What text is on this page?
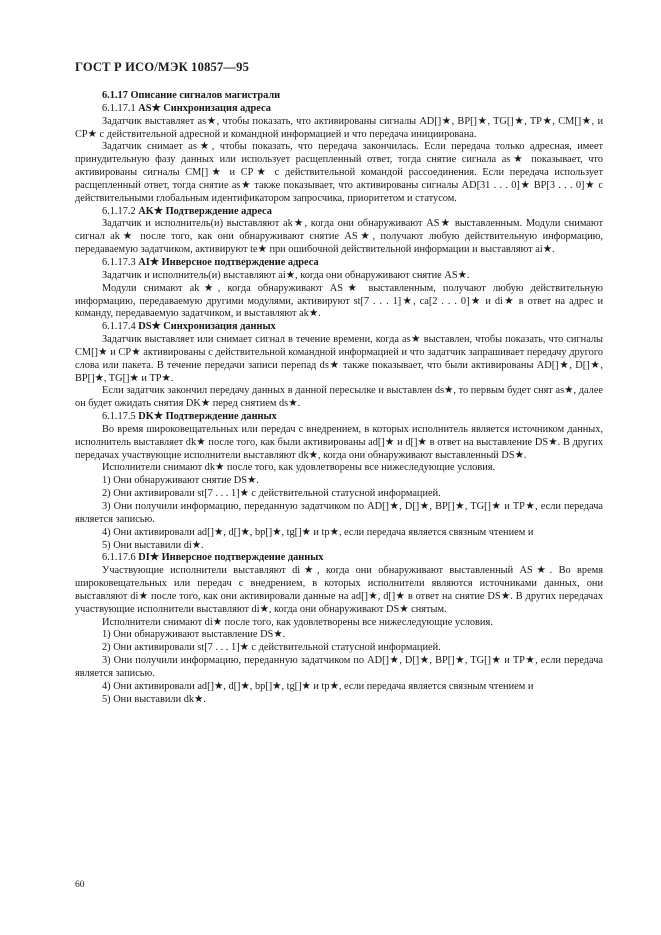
ГОСТ Р ИСО/МЭК 10857—95

6.1.17 Описание сигналов магистрали

6.1.17.1 AS★ Синхронизация адреса

Задатчик выставляет as★, чтобы показать, что активированы сигналы AD[]★, BP[]★, TG[]★, TP★, CM[]★, и CP★ с действительной адресной и командной информацией и что передача инициирована.

Задатчик снимает as★, чтобы показать, что передача закончилась. Если передача только адресная, имеет принудительную фазу данных или использует расщепленный ответ, тогда снятие сигнала as★ показывает, что активированы сигналы CM[]★ и CP★ с действительной командой рассоединения. Если передача использует расщепленный ответ, тогда снятие as★ также показывает, что активированы сигналы AD[31 . . . 0]★ BP[3 . . . 0]★ с действительными глобальным идентификатором запросчика, приоритетом и статусом.

6.1.17.2 AK★ Подтверждение адреса

Задатчик и исполнитель(и) выставляют ak★, когда они обнаруживают AS★ выставленным. Модули снимают сигнал ak★ после того, как они обнаруживают снятие AS★, получают любую действительную информацию, передаваемую задатчиком, активируют te★ при ошибочной действительной информации и выставляют ai★.

6.1.17.3 AI★ Инверсное подтверждение адреса

Задатчик и исполнитель(и) выставляют ai★, когда они обнаруживают снятие AS★.

Модули снимают ak★, когда обнаруживают AS★ выставленным, получают любую действительную информацию, передаваемую другими модулями, активируют st[7 . . . 1]★, ca[2 . . . 0]★ и di★ в ответ на адрес и команду, передаваемую задатчиком, и выставляют ak★.

6.1.17.4 DS★ Синхронизация данных

Задатчик выставляет или снимает сигнал в течение времени, когда as★ выставлен, чтобы показать, что сигналы CM[]★ и CP★ активированы с действительной командной информацией и что задатчик запрашивает передачу другого слова или пакета. В течение передачи записи перепад ds★ также показывает, что были активированы AD[]★, D[]★, BP[]★, TG[]★ и TP★.

Если задатчик закончил передачу данных в данной пересылке и выставлен ds★, то первым будет снят as★, далее он будет ожидать снятия DK★ перед снятием ds★.

6.1.17.5 DK★ Подтверждение данных

Во время широковещательных или передач с внедрением, в которых исполнитель является источником данных, исполнитель выставляет dk★ после того, как были активированы ad[]★ и d[]★ в ответ на выставление DS★. В других передачах участвующие исполнители выставляют dk★, когда они обнаруживают выставленный DS★.

Исполнители снимают dk★ после того, как удовлетворены все нижеследующие условия.

1) Они обнаруживают снятие DS★.

2) Они активировали st[7 . . . 1]★ с действительной статусной информацией.

3) Они получили информацию, переданную задатчиком по AD[]★, D[]★, BP[]★, TG[]★ и TP★, если передача является записью.

4) Они активировали ad[]★, d[]★, bp[]★, tg[]★ и tp★, если передача является связным чтением и

5) Они выставили di★.

6.1.17.6 DI★ Инверсное подтверждение данных

Участвующие исполнители выставляют di★, когда они обнаруживают выставленный AS★. Во время широковещательных или передач с внедрением, в которых исполнители являются источниками данных, они выставляют di★ после того, как они активировали данные на ad[]★, d[]★ в ответ на снятие DS★. В других передачах участвующие исполнители выставляют di★, когда они обнаруживают DS★ снятым.

Исполнители снимают di★ после того, как удовлетворены все нижеследующие условия.

1) Они обнаруживают выставление DS★.

2) Они активировали st[7 . . . 1]★ с действительной статусной информацией.

3) Они получили информацию, переданную задатчиком по AD[]★, D[]★, BP[]★, TG[]★ и TP★, если передача является записью.

4) Они активировали ad[]★, d[]★, bp[]★, tg[]★ и tp★, если передача является связным чтением и

5) Они выставили dk★.

60
